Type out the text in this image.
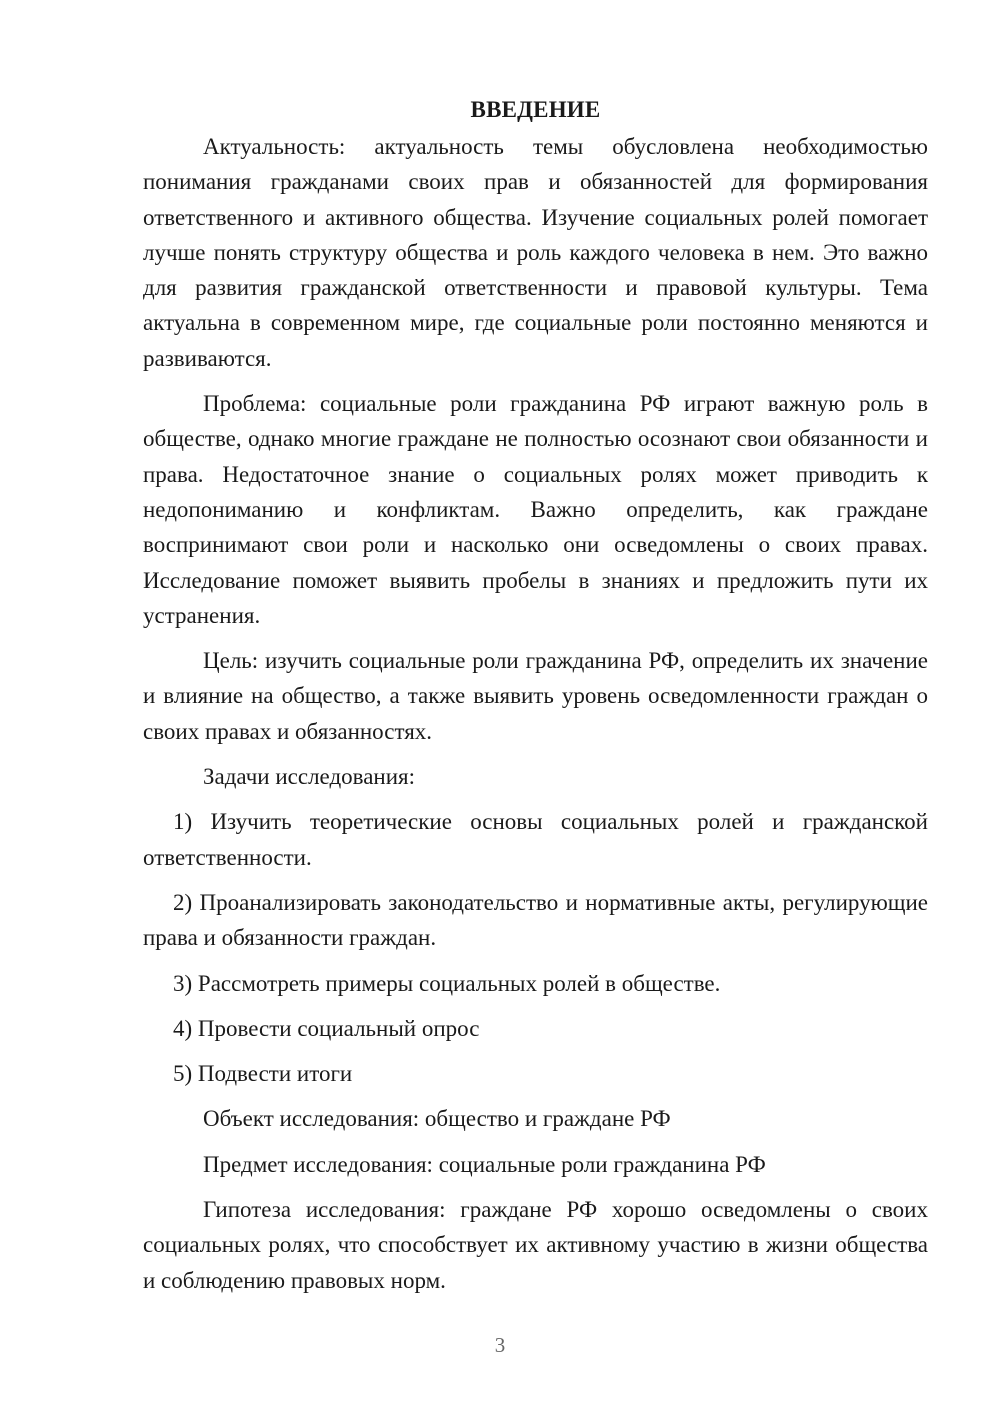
ВВЕДЕНИЕ

Актуальность: актуальность темы обусловлена необходимостью понимания гражданами своих прав и обязанностей для формирования ответственного и активного общества. Изучение социальных ролей помогает лучше понять структуру общества и роль каждого человека в нем. Это важно для развития гражданской ответственности и правовой культуры. Тема актуальна в современном мире, где социальные роли постоянно меняются и развиваются.

Проблема: социальные роли гражданина РФ играют важную роль в обществе, однако многие граждане не полностью осознают свои обязанности и права. Недостаточное знание о социальных ролях может приводить к недопониманию и конфликтам. Важно определить, как граждане воспринимают свои роли и насколько они осведомлены о своих правах. Исследование поможет выявить пробелы в знаниях и предложить пути их устранения.

Цель: изучить социальные роли гражданина РФ, определить их значение и влияние на общество, а также выявить уровень осведомленности граждан о своих правах и обязанностях.

Задачи исследования:

1) Изучить теоретические основы социальных ролей и гражданской ответственности.

2) Проанализировать законодательство и нормативные акты, регулирующие права и обязанности граждан.

3) Рассмотреть примеры социальных ролей в обществе.

4) Провести социальный опрос

5) Подвести итоги

Объект исследования: общество и граждане РФ

Предмет исследования: социальные роли гражданина РФ

Гипотеза исследования: граждане РФ хорошо осведомлены о своих социальных ролях, что способствует их активному участию в жизни общества и соблюдению правовых норм.

3
